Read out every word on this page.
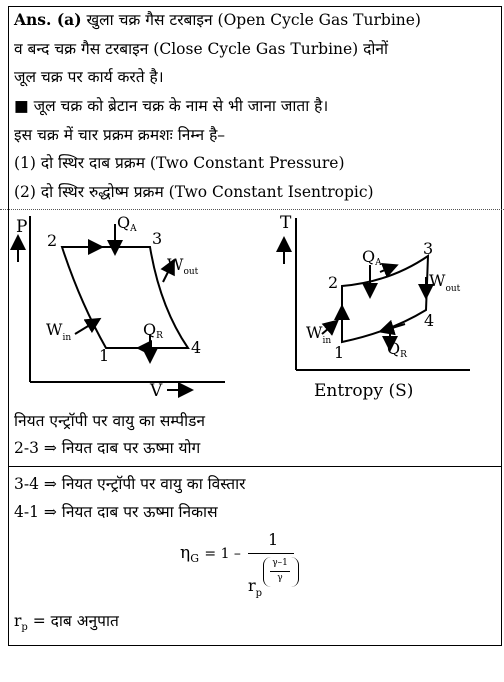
Ans. (a) खुला चक्र गैस टरबाइन (Open Cycle Gas Turbine)
व बन्द चक्र गैस टरबाइन (Close Cycle Gas Turbine) दोनों
जूल चक्र पर कार्य करते है।
■ जूल चक्र को ब्रेटान चक्र के नाम से भी जाना जाता है।
इस चक्र में चार प्रक्रम क्रमशः निम्न है–
(1) दो स्थिर दाब प्रक्रम (Two Constant Pressure)
(2) दो स्थिर रुद्धोष्म प्रक्रम (Two Constant Isentropic)
P
V
2	3
4
1
QA
QR
$W_{out}$
$W_{in}$
T
Entropy (S)
2
3
4
1
QA
QR
$W_{out}$
$W_{in}$
नियत एन्ट्रॉपी पर वायु का सम्पीडन
2-3 ⇒ नियत दाब पर ऊष्मा योग
3-4 ⇒ नियत एन्ट्रॉपी पर वायु का विस्तार
4-1 ⇒ नियत दाब पर ऊष्मा निकास
$\eta_G = 1$ –
1
$r_p$
γ–1
γ
$r_p$ = दाब अनुपात
